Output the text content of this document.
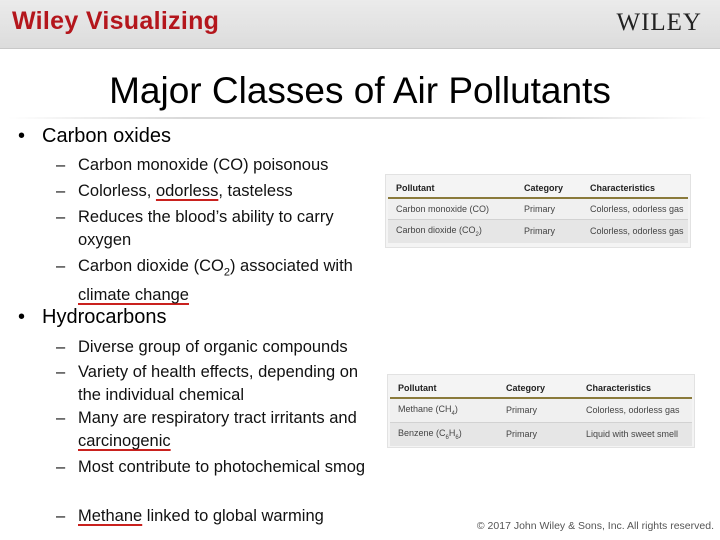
Wiley Visualizing	WILEY
Major Classes of Air Pollutants
• Carbon oxides
– Carbon monoxide (CO) poisonous
– Colorless, odorless, tasteless
– Reduces the blood’s ability to carry oxygen
– Carbon dioxide $(CO_2)$ associated with climate change
Pollutant	Category	Characteristics
Carbon monoxide (CO)	Primary	Colorless, odorless gas
Carbon dioxide $(CO_2)$	Primary	Colorless, odorless gas
• Hydrocarbons
– Diverse group of organic compounds
– Variety of health effects, depending on the individual chemical
– Many are respiratory tract irritants and carcinogenic
– Most contribute to photochemical smog
– Methane linked to global warming
Pollutant	Category	Characteristics
Methane $(CH_4)$	Primary	Colorless, odorless gas
Benzene $(C_6H_6)$	Primary	Liquid with sweet smell
© 2017 John Wiley & Sons, Inc. All rights reserved.
